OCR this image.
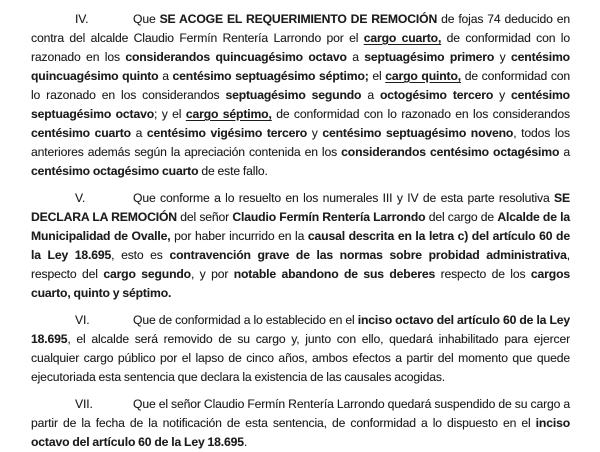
IV.	Que SE ACOGE EL REQUERIMIENTO DE REMOCIÓN de fojas 74 deducido en contra del alcalde Claudio Fermín Rentería Larrondo por el cargo cuarto, de conformidad con lo razonado en los considerandos quincuagésimo octavo a septuagésimo primero y centésimo quincuagésimo quinto a centésimo septuagésimo séptimo; el cargo quinto, de conformidad con lo razonado en los considerandos septuagésimo segundo a octogésimo tercero y centésimo septuagésimo octavo; y el cargo séptimo, de conformidad con lo razonado en los considerandos centésimo cuarto a centésimo vigésimo tercero y centésimo septuagésimo noveno, todos los anteriores además según la apreciación contenida en los considerandos centésimo octagésimo a centésimo octagésimo cuarto de este fallo.

V.	Que conforme a lo resuelto en los numerales III y IV de esta parte resolutiva SE DECLARA LA REMOCIÓN del señor Claudio Fermín Rentería Larrondo del cargo de Alcalde de la Municipalidad de Ovalle, por haber incurrido en la causal descrita en la letra c) del artículo 60 de la Ley 18.695, esto es contravención grave de las normas sobre probidad administrativa, respecto del cargo segundo, y por notable abandono de sus deberes respecto de los cargos cuarto, quinto y séptimo.

VI.	Que de conformidad a lo establecido en el inciso octavo del artículo 60 de la Ley 18.695, el alcalde será removido de su cargo y, junto con ello, quedará inhabilitado para ejercer cualquier cargo público por el lapso de cinco años, ambos efectos a partir del momento que quede ejecutoriada esta sentencia que declara la existencia de las causales acogidas.

VII.	Que el señor Claudio Fermín Rentería Larrondo quedará suspendido de su cargo a partir de la fecha de la notificación de esta sentencia, de conformidad a lo dispuesto en el inciso octavo del artículo 60 de la Ley 18.695.
